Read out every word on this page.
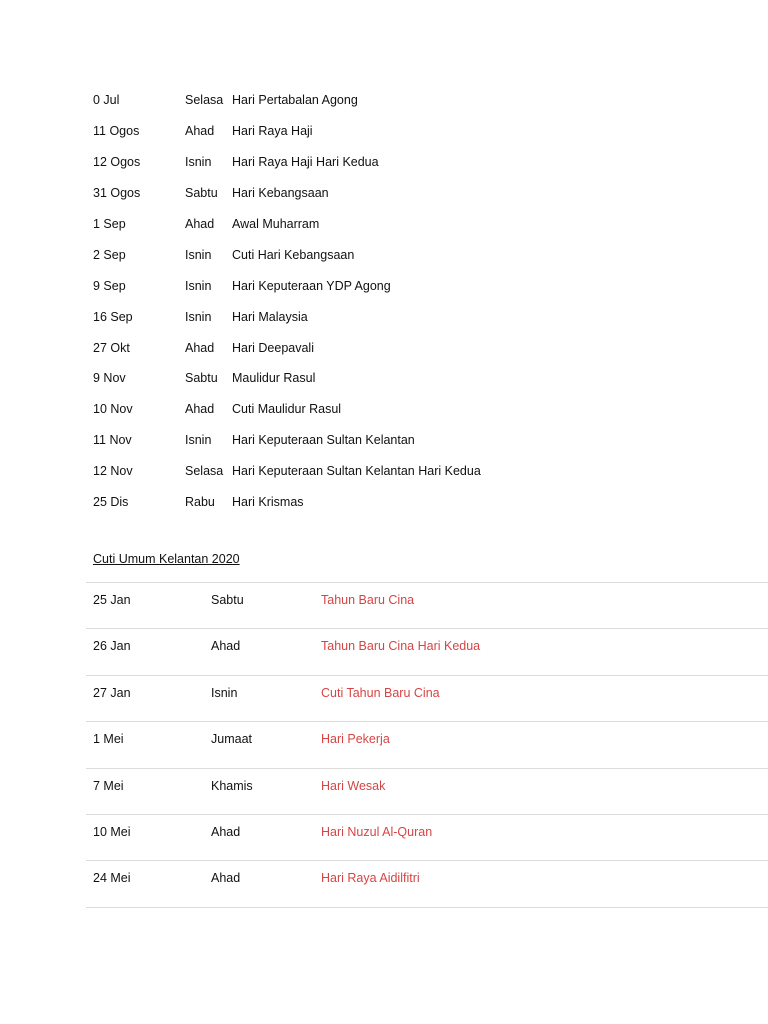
0 Jul	Selasa Hari Pertabalan Agong
11 Ogos	Ahad	Hari Raya Haji
12 Ogos	Isnin	Hari Raya Haji Hari Kedua
31 Ogos	Sabtu	Hari Kebangsaan
1 Sep	Ahad	Awal Muharram
2 Sep	Isnin	Cuti Hari Kebangsaan
9 Sep	Isnin	Hari Keputeraan YDP Agong
16 Sep	Isnin	Hari Malaysia
27 Okt	Ahad	Hari Deepavali
9 Nov	Sabtu	Maulidur Rasul
10 Nov	Ahad	Cuti Maulidur Rasul
11 Nov	Isnin	Hari Keputeraan Sultan Kelantan
12 Nov	Selasa Hari Keputeraan Sultan Kelantan Hari Kedua
25 Dis	Rabu	Hari Krismas
Cuti Umum Kelantan 2020
25 Jan	Sabtu	Tahun Baru Cina
26 Jan	Ahad	Tahun Baru Cina Hari Kedua
27 Jan	Isnin	Cuti Tahun Baru Cina
1 Mei	Jumaat	Hari Pekerja
7 Mei	Khamis	Hari Wesak
10 Mei	Ahad	Hari Nuzul Al-Quran
24 Mei	Ahad	Hari Raya Aidilfitri
